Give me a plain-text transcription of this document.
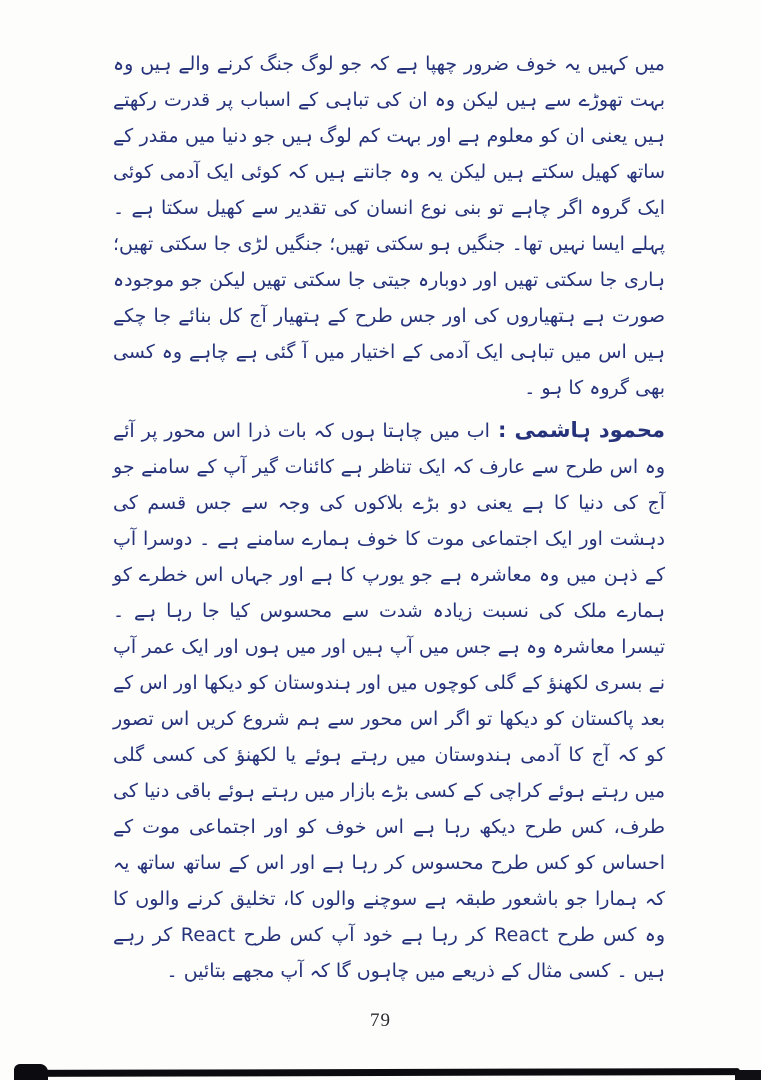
میں کہیں یہ خوف ضرور چھپا ہے کہ جو لوگ جنگ کرنے والے ہیں وہ بہت تھوڑے سے ہیں لیکن وہ ان کی تباہی کے اسباب پر قدرت رکھتے ہیں یعنی ان کو معلوم ہے اور بہت کم لوگ ہیں جو دنیا میں مقدر کے ساتھ کھیل سکتے ہیں لیکن یہ وہ جانتے ہیں کہ کوئی ایک آدمی کوئی ایک گروہ اگر چاہے تو بنی نوع انسان کی تقدیر سے کھیل سکتا ہے ۔ پہلے ایسا نہیں تھا۔ جنگیں ہو سکتی تھیں؛ جنگیں لڑی جا سکتی تھیں؛ ہاری جا سکتی تھیں اور دوبارہ جیتی جا سکتی تھیں لیکن جو موجودہ صورت ہے ہتھیاروں کی اور جس طرح کے ہتھیار آج کل بنائے جا چکے ہیں اس میں تباہی ایک آدمی کے اختیار میں آ گئی ہے چاہے وہ کسی بھی گروہ کا ہو ۔

محمود ہاشمی :اب میں چاہتا ہوں کہ بات ذرا اس محور پر آئے وہ اس طرح سے عارف کہ ایک تناظر ہے کائنات گیر آپ کے سامنے جو آج کی دنیا کا ہے یعنی دو بڑے بلاکوں کی وجہ سے جس قسم کی دہشت اور ایک اجتماعی موت کا خوف ہمارے سامنے ہے ۔ دوسرا آپ کے ذہن میں وہ معاشرہ ہے جو یورپ کا ہے اور جہاں اس خطرے کو ہمارے ملک کی نسبت زیادہ شدت سے محسوس کیا جا رہا ہے ۔ تیسرا معاشرہ وہ ہے جس میں آپ ہیں اور میں ہوں اور ایک عمر آپ نے بسری لکھنؤ کے گلی کوچوں میں اور ہندوستان کو دیکھا اور اس کے بعد پاکستان کو دیکھا تو اگر اس محور سے ہم شروع کریں اس تصور کو کہ آج کا آدمی ہندوستان میں رہتے ہوئے یا لکھنؤ کی کسی گلی میں رہتے ہوئے کراچی کے کسی بڑے بازار میں رہتے ہوئے باقی دنیا کی طرف، کس طرح دیکھ رہا ہے اس خوف کو اور اجتماعی موت کے احساس کو کس طرح محسوس کر رہا ہے اور اس کے ساتھ ساتھ یہ کہ ہمارا جو باشعور طبقہ ہے سوچنے والوں کا، تخلیق کرنے والوں کا وہ کس طرح React کر رہا ہے خود آپ کس طرح React کر رہے ہیں ۔ کسی مثال کے ذریعے میں چاہوں گا کہ آپ مجھے بتائیں ۔

79
